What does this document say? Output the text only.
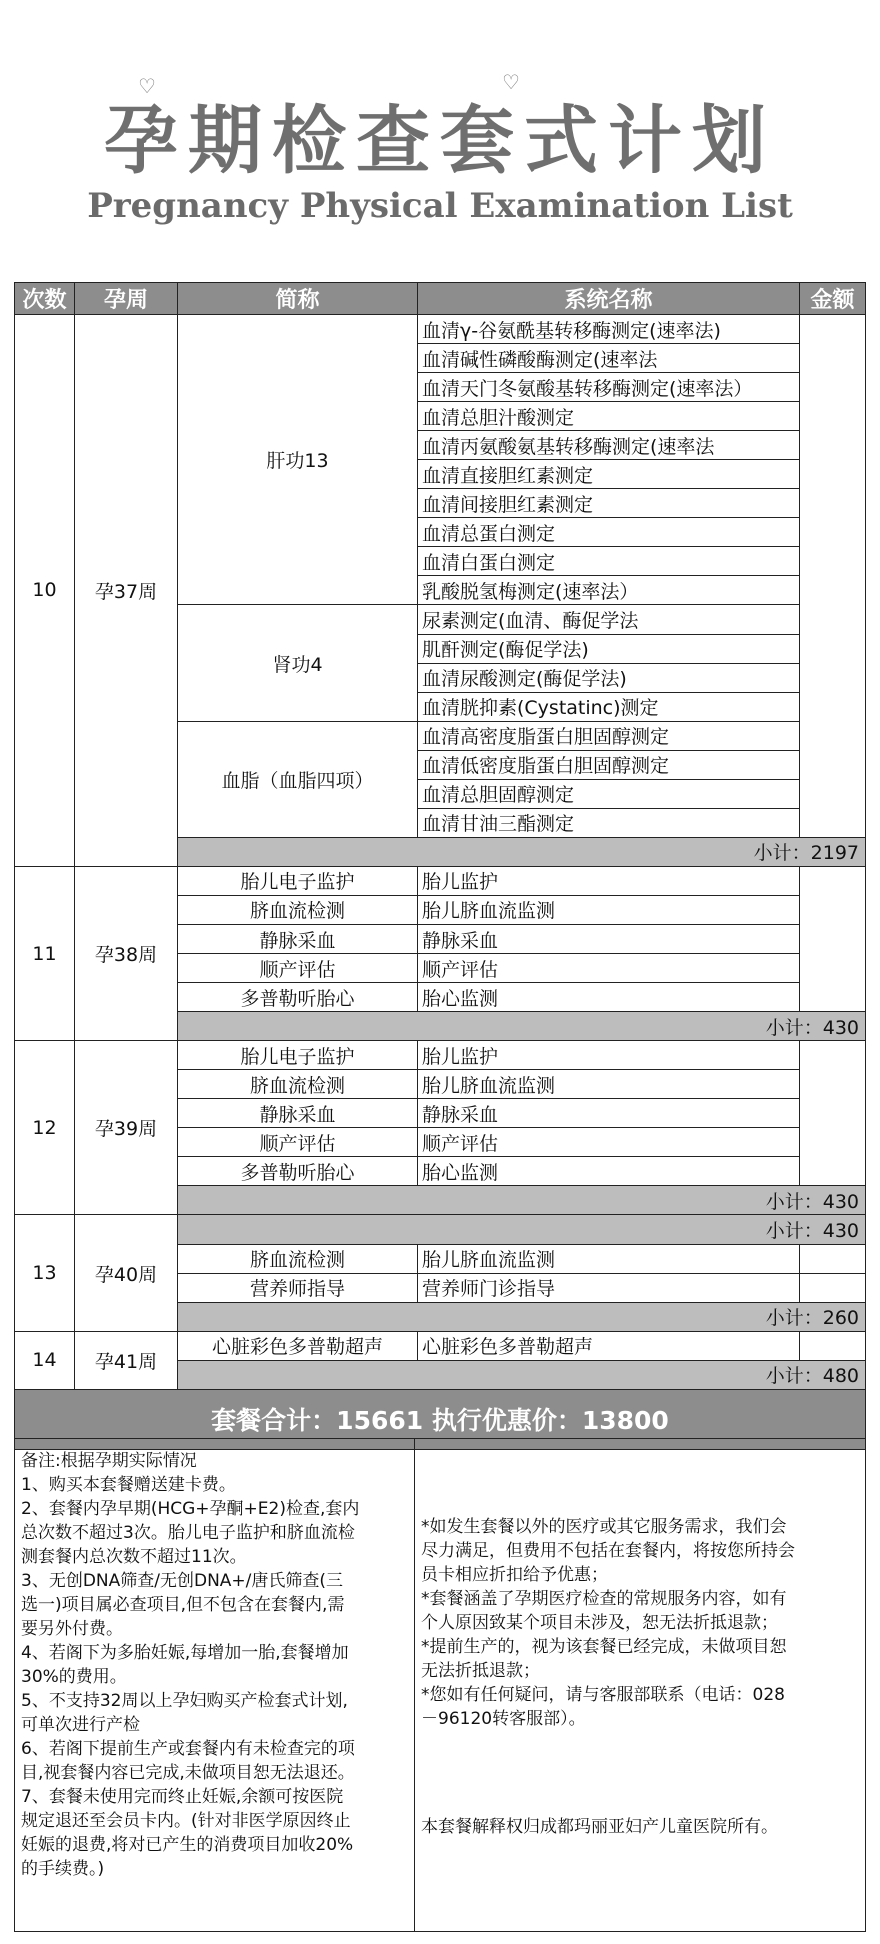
♡	♡
孕期检查套式计划
Pregnancy Physical Examination List
次数	孕周	简称	系统名称	金额
10	孕37周	肝功13	血清γ-谷氨酰基转移酶测定(速率法)	
			血清碱性磷酸酶测定(速率法	
			血清天门冬氨酸基转移酶测定(速率法）	
			血清总胆汁酸测定	
			血清丙氨酸氨基转移酶测定(速率法	
			血清直接胆红素测定	
			血清间接胆红素测定	
			血清总蛋白测定	
			血清白蛋白测定	
			乳酸脱氢梅测定(速率法）	
		肾功4	尿素测定(血清、酶促学法	
			肌酐测定(酶促学法)	
			血清尿酸测定(酶促学法)	
			血清胱抑素(Cystatinc)测定	
		血脂（血脂四项）	血清高密度脂蛋白胆固醇测定	
			血清低密度脂蛋白胆固醇测定	
			血清总胆固醇测定	
			血清甘油三酯测定	
		小计：2197		
11	孕38周	胎儿电子监护	胎儿监护	
		脐血流检测	胎儿脐血流监测	
		静脉采血	静脉采血	
		顺产评估	顺产评估	
		多普勒听胎心	胎心监测	
		小计：430		
12	孕39周	胎儿电子监护	胎儿监护	
		脐血流检测	胎儿脐血流监测	
		静脉采血	静脉采血	
		顺产评估	顺产评估	
		多普勒听胎心	胎心监测	
		小计：430		
13	孕40周	小计：430		
		脐血流检测	胎儿脐血流监测	
		营养师指导	营养师门诊指导	
		小计：260		
14	孕41周	心脏彩色多普勒超声	心脏彩色多普勒超声	
		小计：480		
套餐合计：15661 执行优惠价：13800				
备注:根据孕期实际情况
1、购买本套餐赠送建卡费。
2、套餐内孕早期(HCG+孕酮+E2)检查,套内
总次数不超过3次。胎儿电子监护和脐血流检
测套餐内总次数不超过11次。
3、无创DNA筛查/无创DNA+/唐氏筛查(三
选一)项目属必查项目,但不包含在套餐内,需
要另外付费。
4、若阁下为多胎妊娠,每增加一胎,套餐增加
30%的费用。
5、不支持32周以上孕妇购买产检套式计划,
可单次进行产检
6、若阁下提前生产或套餐内有未检查完的项
目,视套餐内容已完成,未做项目恕无法退还。
7、套餐未使用完而终止妊娠,余额可按医院
规定退还至会员卡内。(针对非医学原因终止
妊娠的退费,将对已产生的消费项目加收20%
的手续费。)

*如发生套餐以外的医疗或其它服务需求，我们会
尽力满足，但费用不包括在套餐内，将按您所持会
员卡相应折扣给予优惠；
*套餐涵盖了孕期医疗检查的常规服务内容，如有
个人原因致某个项目未涉及，恕无法折抵退款；
*提前生产的，视为该套餐已经完成，未做项目恕
无法折抵退款；
*您如有任何疑问，请与客服部联系（电话：028
－96120转客服部）。
本套餐解释权归成都玛丽亚妇产儿童医院所有。
